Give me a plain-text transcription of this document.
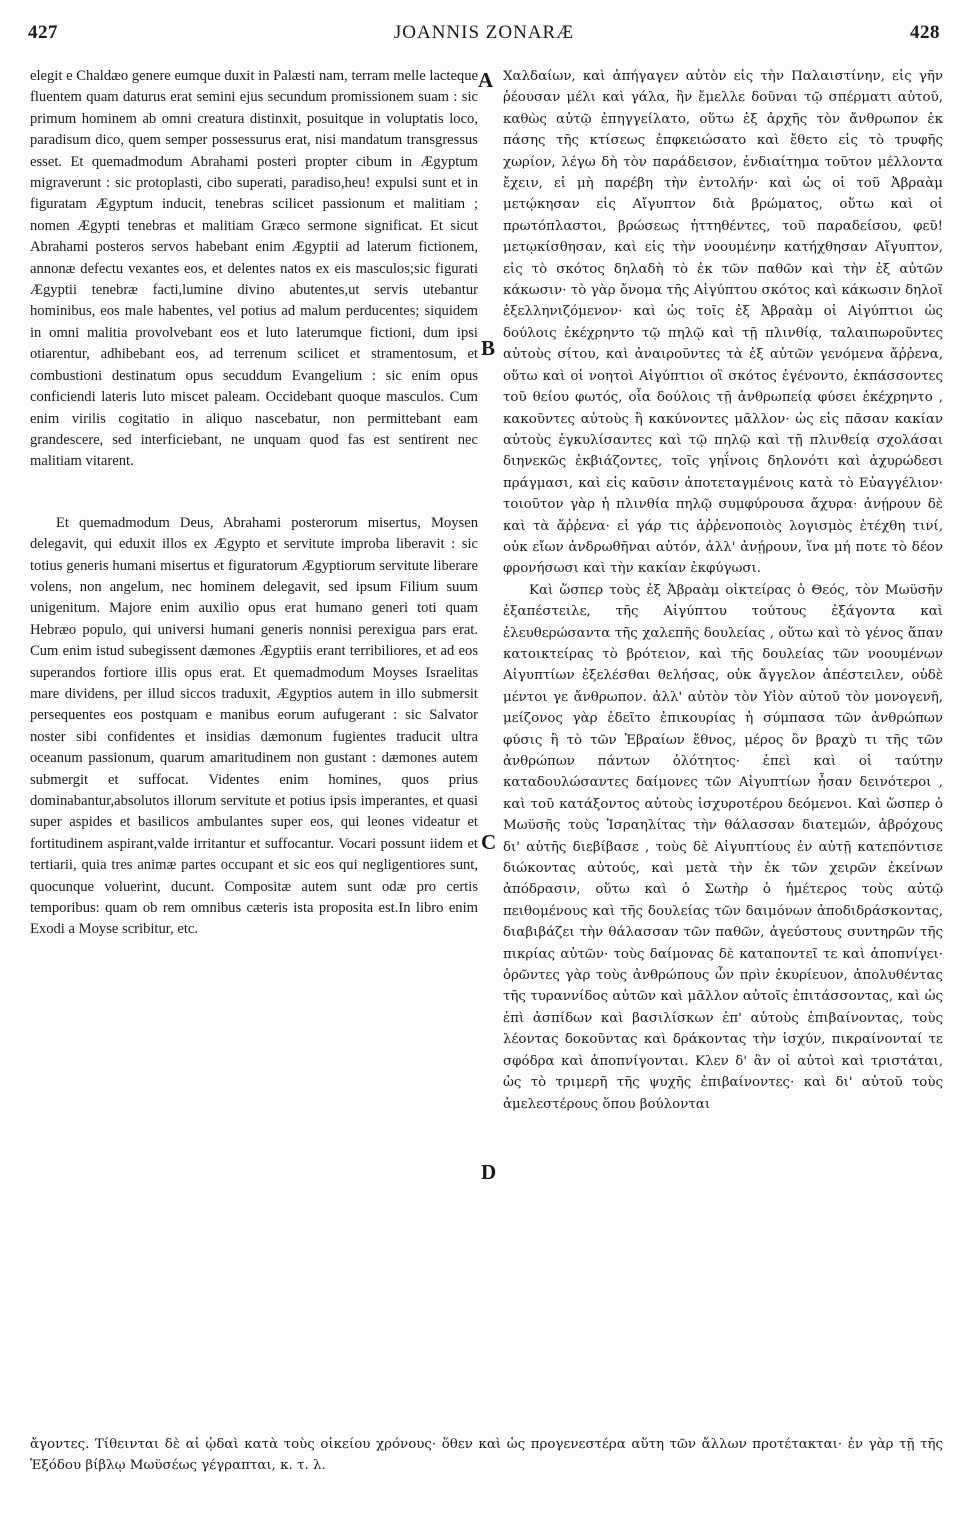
427	JOANNIS ZONARÆ	428

elegit e Chaldæo genere eumque duxit in Palæsti nam, terram melle lacteque fluentem quam daturus erat semini ejus secundum promissionem suam : sic primum hominem ab omni creatura distinxit, posuitque in voluptatis loco, paradisum dico, quem semper possessurus erat, nisi mandatum transgressus esset. Et quemadmodum Abrahami posteri propter cibum in Ægyptum migraverunt : sic protoplasti, cibo superati, paradiso,heu! expulsi sunt et in figuratam Ægyptum inducit, tenebras scilicet passionum et malitiam ; nomen Ægypti tenebras et malitiam Græco sermone significat. Et sicut Abrahami posteros servos habebant enim Ægyptii ad laterum fictionem, annonæ defectu vexantes eos, et delentes natos ex eis masculos;sic figurati Ægyptii tenebræ facti,lumine divino abutentes,ut servis utebantur hominibus, eos male habentes, vel potius ad malum perducentes; siquidem in omni malitia provolvebant eos et luto laterumque fictioni, dum ipsi otiarentur, adhibebant eos, ad terrenum scilicet et stramentosum, et combustioni destinatum opus secuddum Evangelium : sic enim opus conficiendi lateris luto miscet paleam. Occidebant quoque masculos. Cum enim virilis cogitatio in aliquo nascebatur, non permittebant eam grandescere, sed interficiebant, ne unquam quod fas est sentirent nec malitiam vitarent.

Et quemadmodum Deus, Abrahami posterorum misertus, Moysen delegavit, qui eduxit illos ex Ægypto et servitute improba liberavit : sic totius generis humani misertus et figuratorum Ægyptiorum servitute liberare volens, non angelum, nec hominem delegavit, sed ipsum Filium suum unigenitum. Majore enim auxilio opus erat humano generi toti quam Hebræo populo, qui universi humani generis nonnisi perexigua pars erat. Cum enim istud subegissent dæmones Ægyptiis erant terribiliores, et ad eos superandos fortiore illis opus erat. Et quemadmodum Moyses Israelitas mare dividens, per illud siccos traduxit, Ægyptios autem in illo submersit persequentes eos postquam e manibus eorum aufugerant : sic Salvator noster sibi confidentes et insidias dæmonum fugientes traducit ultra oceanum passionum, quarum amaritudinem non gustant : dæmones autem submergit et suffocat. Videntes enim homines, quos prius dominabantur,absolutos illorum servitute et potius ipsis imperantes, et quasi super aspides et basilicos ambulantes super eos, qui leones videatur et fortitudinem aspirant,valde irritantur et suffocantur. Vocari possunt iidem et tertiarii, quia tres animæ partes occupant et sic eos qui negligentiores sunt, quocunque voluerint, ducunt. Compositæ autem sunt odæ pro certis temporibus: quam ob rem omnibus cæteris ista proposita est.In libro enim Exodi a Moyse scribitur, etc.

A
B
C
D

Χαλδαίων, καὶ ἀπήγαγεν αὐτὸν εἰς τὴν Παλαιστίνην, εἰς γῆν ῥέουσαν μέλι καὶ γάλα, ἣν ἔμελλε δοῦναι τῷ σπέρματι αὐτοῦ, καθὼς αὐτῷ ἐπηγγείλατο, οὕτω ἐξ ἀρχῆς τὸν ἄνθρωπον ἐκ πάσης τῆς κτίσεως ἐπφκειώσατο καὶ ἔθετο εἰς τὸ τρυφῆς χωρίον, λέγω δὴ τὸν παράδεισον, ἐνδιαίτημα τοῦτον μέλλοντα ἔχειν, εἰ μὴ παρέβη τὴν ἐντολήν· καὶ ὡς οἱ τοῦ Ἀβραὰμ μετῴκησαν εἰς Αἴγυπτον διὰ βρώματος, οὕτω καὶ οἱ πρωτόπλαστοι, βρώσεως ἡττηθέντες, τοῦ παραδείσου, φεῦ! μετῳκίσθησαν, καὶ εἰς τὴν νοουμένην κατήχθησαν Αἴγυπτον, εἰς τὸ σκότος δηλαδὴ τὸ ἐκ τῶν παθῶν καὶ τὴν ἐξ αὐτῶν κάκωσιν· τὸ γὰρ ὄνομα τῆς Αἰγύπτου σκότος καὶ κάκωσιν δηλοῖ ἐξελληνιζόμενον· καὶ ὡς τοῖς ἐξ Ἀβραὰμ οἱ Αἰγύπτιοι ὡς δούλοις ἐκέχρηντο τῷ πηλῷ καὶ τῇ πλινθίᾳ, ταλαιπωροῦντες αὐτοὺς σίτου, καὶ ἀναιροῦντες τὰ ἐξ αὐτῶν γενόμενα ἄῤῥενα, οὕτω καὶ οἱ νοητοὶ Αἰγύπτιοι οἳ σκότος ἐγένοντο, ἐκπάσσοντες τοῦ θείου φωτός, οἷα δούλοις τῇ ἀνθρωπείᾳ φύσει ἐκέχρηντο , κακοῦντες αὐτοὺς ἢ κακύνοντες μᾶλλον· ὡς εἰς πᾶσαν κακίαν αὐτοὺς ἐγκυλίσαντες καὶ τῷ πηλῷ καὶ τῇ πλινθείᾳ σχολάσαι διηνεκῶς ἐκβιάζοντες, τοῖς γηΐνοις δηλονότι καὶ ἀχυρώδεσι πράγμασι, καὶ εἰς καῦσιν ἀποτεταγμένοις κατὰ τὸ Εὐαγγέλιον· τοιοῦτον γὰρ ἡ πλινθία πηλῷ συμφύρουσα ἄχυρα· ἀνῄρουν δὲ καὶ τὰ ἄῤῥενα· εἰ γάρ τις ἀῤῥενοποιὸς λογισμὸς ἐτέχθη τινί, οὐκ εἴων ἀνδρωθῆναι αὐτόν, ἀλλ' ἀνῄρουν, ἵνα μή ποτε τὸ δέον φρονήσωσι καὶ τὴν κακίαν ἐκφύγωσι.

Καὶ ὥσπερ τοὺς ἐξ Ἀβραὰμ οἰκτείρας ὁ Θεός, τὸν Μωϋσῆν ἐξαπέστειλε, τῆς Αἰγύπτου τούτους ἐξάγοντα καὶ ἐλευθερώσαντα τῆς χαλεπῆς δουλείας , οὕτω καὶ τὸ γένος ἅπαν κατοικτείρας τὸ βρότειον, καὶ τῆς δουλείας τῶν νοουμένων Αἰγυπτίων ἐξελέσθαι θελήσας, οὐκ ἄγγελον ἀπέστειλεν, οὐδὲ μέντοι γε ἄνθρωπον. ἀλλ' αὐτὸν τὸν Υἱὸν αὐτοῦ τὸν μονογενῆ, μείζονος γὰρ ἐδεῖτο ἐπικουρίας ἡ σύμπασα τῶν ἀνθρώπων φύσις ἢ τὸ τῶν Ἑβραίων ἔθνος, μέρος ὂν βραχὺ τι τῆς τῶν ἀνθρώπων πάντων ὁλότητος· ἐπεὶ καὶ οἱ ταύτην καταδουλώσαντες δαίμονες τῶν Αἰγυπτίων ἦσαν δεινότεροι , καὶ τοῦ κατάξοντος αὐτοὺς ἰσχυροτέρου δεόμενοι. Καὶ ὥσπερ ὁ Μωϋσῆς τοὺς Ἰσραηλίτας τὴν θάλασσαν διατεμών, ἀβρόχους δι' αὐτῆς διεβίβασε , τοὺς δὲ Αἰγυπτίους ἐν αὐτῇ κατεπόντισε διώκοντας αὐτούς, καὶ μετὰ τὴν ἐκ τῶν χειρῶν ἐκείνων ἀπόδρασιν, οὕτω καὶ ὁ Σωτὴρ ὁ ἡμέτερος τοὺς αὐτῷ πειθομένους καὶ τῆς δουλείας τῶν δαιμόνων ἀποδιδράσκοντας, διαβιβάζει τὴν θάλασσαν τῶν παθῶν, ἀγεύστους συντηρῶν τῆς πικρίας αὐτῶν· τοὺς δαίμονας δὲ καταποντεῖ τε καὶ ἀποπνίγει· ὁρῶντες γὰρ τοὺς ἀνθρώπους ὧν πρὶν ἐκυρίευον, ἀπολυθέντας τῆς τυραννίδος αὐτῶν καὶ μᾶλλον αὐτοῖς ἐπιτάσσοντας, καὶ ὡς ἐπὶ ἀσπίδων καὶ βασιλίσκων ἐπ' αὐτοὺς ἐπιβαίνοντας, τοὺς λέοντας δοκοῦντας καὶ δράκοντας τὴν ἰσχύν, πικραίνονταί τε σφόδρα καὶ ἀποπνίγονται. Κλεν δ' ἂν οἱ αὐτοὶ καὶ τριστάται, ὡς τὸ τριμερῆ τῆς ψυχῆς ἐπιβαίνοντες· καὶ δι' αὐτοῦ τοὺς ἀμελεστέρους ὅπου βούλονται

ἄγοντες. Τίθεινται δὲ αἱ ᾠδαὶ κατὰ τοὺς οἰκείου χρόνους· ὅθεν καὶ ὡς προγενεστέρα αὕτη τῶν ἄλλων προτέτακται· ἐν γὰρ τῇ τῆς Ἐξόδου βίβλῳ Μωϋσέως γέγραπται, κ. τ. λ.
